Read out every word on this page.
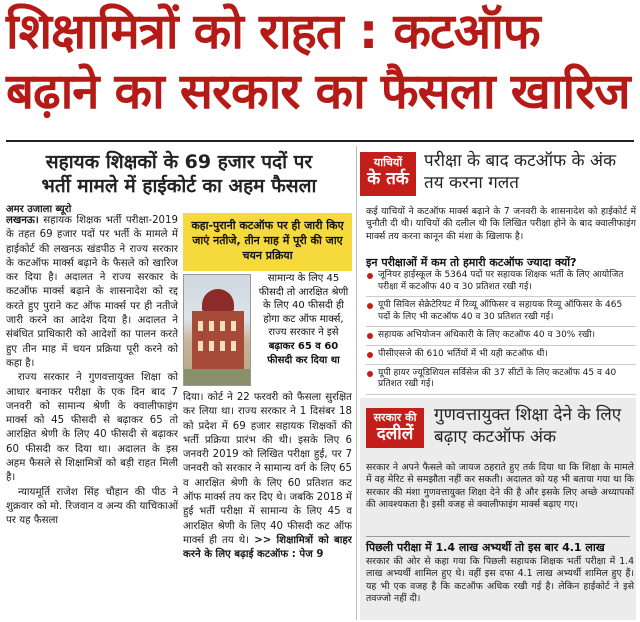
शिक्षामित्रों को राहत : कटऑफ
बढ़ाने का सरकार का फैसला खारिज
सहायक शिक्षकों के 69 हजार पदों पर
भर्ती मामले में हाईकोर्ट का अहम फैसला
अमर उजाला ब्यूरो

लखनऊ। सहायक शिक्षक भर्ती परीक्षा-2019 के तहत 69 हजार पदों पर भर्ती के मामले में हाईकोर्ट की लखनऊ खंडपीठ ने राज्य सरकार के कटऑफ मार्क्स बढ़ाने के फैसले को खारिज कर दिया है। अदालत ने राज्य सरकार के कटऑफ मार्क्स बढ़ाने के शासनादेश को रद्द करते हुए पुराने कट ऑफ मार्क्स पर ही नतीजे जारी करने का आदेश दिया है। अदालत ने संबंधित प्राधिकारी को आदेशों का पालन करते हुए तीन माह में चयन प्रक्रिया पूरी करने को कहा है।

राज्य सरकार ने गुणवत्तायुक्त शिक्षा को आधार बनाकर परीक्षा के एक दिन बाद 7 जनवरी को सामान्य श्रेणी के क्वालीफाइंग मार्क्स को 45 फीसदी से बढ़ाकर 65 तो आरक्षित श्रेणी के लिए 40 फीसदी से बढ़ाकर 60 फीसदी कर दिया था। अदालत के इस अहम फैसले से शिक्षामित्रों को बड़ी राहत मिली है।

न्यायमूर्ति राजेश सिंह चौहान की पीठ ने शुक्रवार को मो. रिजवान व अन्य की याचिकाओं पर यह फैसला

कहा-पुरानी कटऑफ पर ही जारी किए जाएं नतीजे, तीन माह में पूरी की जाए चयन प्रक्रिया
सामान्य के लिए 45 फीसदी तो आरक्षित श्रेणी के लिए 40 फीसदी ही होगा कट ऑफ मार्क्स, राज्य सरकार ने इसे बढ़ाकर 65 व 60 फीसदी कर दिया था

दिया। कोर्ट ने 22 फरवरी को फैसला सुरक्षित कर लिया था। राज्य सरकार ने 1 दिसंबर 18 को प्रदेश में 69 हजार सहायक शिक्षकों की भर्ती प्रक्रिया प्रारंभ की थी। इसके लिए 6 जनवरी 2019 को लिखित परीक्षा हुई, पर 7 जनवरी को सरकार ने सामान्य वर्ग के लिए 65 व आरक्षित श्रेणी के लिए 60 प्रतिशत कट ऑफ मार्क्स तय कर दिए थे। जबकि 2018 में हुई भर्ती परीक्षा में सामान्य के लिए 45 व आरक्षित श्रेणी के लिए 40 फीसदी कट ऑफ मार्क्स ही तय थे। >> शिक्षामित्रों को बाहर करने के लिए बढ़ाई कटऑफ : पेज 9

याचियों
के तर्क
परीक्षा के बाद कटऑफ के अंक तय करना गलत
कई याचियों ने कटऑफ मार्क्स बढ़ाने के 7 जनवरी के शासनादेश को हाईकोर्ट में चुनौती दी थी। याचियों की दलील थी कि लिखित परीक्षा होने के बाद क्वालीफाइंग मार्क्स तय करना कानून की मंशा के खिलाफ है।
इन परीक्षाओं में कम तो हमारी कटऑफ ज्यादा क्यों?
जूनियर हाईस्कूल के 5364 पदों पर सहायक शिक्षक भर्ती के लिए आयोजित परीक्षा में कटऑफ 40 व 30 प्रतिशत रखी गई।
यूपी सिविल सेक्रेटेरियट में रिव्यू ऑफिसर व सहायक रिव्यू ऑफिसर के 465 पदों के लिए भी कटऑफ 40 व 30 प्रतिशत रखी गई।
सहायक अभियोजन अधिकारी के लिए कटऑफ 40 व 30% रखी।
पीसीएसजे की 610 भर्तियों में भी यही कटऑफ थी।
यूपी हायर ज्यूडिशियल सर्विसेज की 37 सीटों के लिए कटऑफ 45 व 40 प्रतिशत रखी गई।
सरकार की
दलीलें
गुणवत्तायुक्त शिक्षा देने के लिए बढ़ाए कटऑफ अंक
सरकार ने अपने फैसले को जायज ठहराते हुए तर्क दिया था कि शिक्षा के मामले में वह मेरिट से समझौता नहीं कर सकती। अदालत को यह भी बताया गया था कि सरकार की मंशा गुणवत्तायुक्त शिक्षा देने की है और इसके लिए अच्छे अध्यापकों की आवश्यकता है। इसी वजह से क्वालीफाइंग मार्क्स बढ़ाए गए।
पिछली परीक्षा में 1.4 लाख अभ्यर्थी तो इस बार 4.1 लाख
सरकार की ओर से कहा गया कि पिछली सहायक शिक्षक भर्ती परीक्षा में 1.4 लाख अभ्यर्थी शामिल हुए थे। वहीं इस दफा 4.1 लाख अभ्यर्थी शामिल हुए हैं। यह भी एक वजह है कि कटऑफ अधिक रखी गई है। लेकिन हाईकोर्ट ने इसे तवज्जो नहीं दी।
